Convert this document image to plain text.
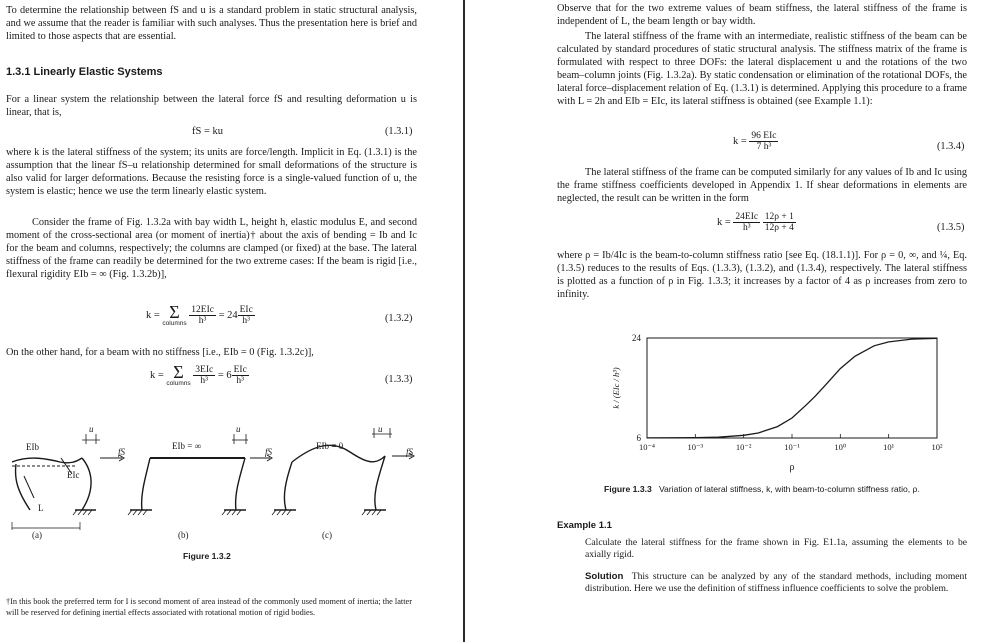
To determine the relationship between fS and u is a standard problem in static structural analysis, and we assume that the reader is familiar with such analyses. Thus the presentation here is brief and limited to those aspects that are essential.

1.3.1 Linearly Elastic Systems

For a linear system the relationship between the lateral force fS and resulting deformation u is linear, that is,

fS = ku	(1.3.1)

where k is the lateral stiffness of the system; its units are force/length. Implicit in Eq. (1.3.1) is the assumption that the linear fS–u relationship determined for small deformations of the structure is also valid for larger deformations. Because the resisting force is a single-valued function of u, the system is elastic; hence we use the term linearly elastic system.

Consider the frame of Fig. 1.3.2a with bay width L, height h, elastic modulus E, and second moment of the cross-sectional area (or moment of inertia)† about the axis of bending = Ib and Ic for the beam and columns, respectively; the columns are clamped (or fixed) at the base. The lateral stiffness of the frame can readily be determined for the two extreme cases: If the beam is rigid [i.e., flexural rigidity EIb = ∞ (Fig. 1.3.2b)],

k = Σ
columns
$\frac{\text{12EIc}}{\text{h³}} = 24 \frac{\text{EIc}}{\text{h³}}$	(1.3.2)

On the other hand, for a beam with no stiffness [i.e., EIb = 0 (Fig. 1.3.2c)],

k = Σ
columns
$\frac{\text{3EIc}}{\text{h³}} = 6 \frac{\text{EIc}}{\text{h³}}$	(1.3.3)
EIb
EIc
L
u
fS
EIb = ∞
u
fS
EIb = 0
u
fS
(a)	(b)	(c)
Figure 1.3.2

†In this book the preferred term for I is second moment of area instead of the commonly used moment of inertia; the latter will be reserved for defining inertial effects associated with rotational motion of rigid bodies.

Observe that for the two extreme values of beam stiffness, the lateral stiffness of the frame is independent of L, the beam length or bay width.

The lateral stiffness of the frame with an intermediate, realistic stiffness of the beam can be calculated by standard procedures of static structural analysis. The stiffness matrix of the frame is formulated with respect to three DOFs: the lateral displacement u and the rotations of the two beam–column joints (Fig. 1.3.2a). By static condensation or elimination of the rotational DOFs, the lateral force–displacement relation of Eq. (1.3.1) is determined. Applying this procedure to a frame with L = 2h and EIb = EIc, its lateral stiffness is obtained (see Example 1.1):

$k = \frac{\text{96 EIc}}{\text{7 h³}}$	(1.3.4)

The lateral stiffness of the frame can be computed similarly for any values of Ib and Ic using the frame stiffness coefficients developed in Appendix 1. If shear deformations in elements are neglected, the result can be written in the form

$k = \frac{\text{24EIc}}{\text{h³}}$
$\frac{12\rho + 1}{12\rho + 4}$	(1.3.5)

where ρ = Ib/4Ic is the beam-to-column stiffness ratio [see Eq. (18.1.1)]. For ρ = 0, ∞, and ¼, Eq. (1.3.5) reduces to the results of Eqs. (1.3.3), (1.3.2), and (1.3.4), respectively. The lateral stiffness is plotted as a function of ρ in Fig. 1.3.3; it increases by a factor of 4 as ρ increases from zero to infinity.

10⁻⁴	10⁻³	10⁻²	10⁻¹	10⁰	10¹	10²
6
24
ρ
k / (EIc / h³)
Figure 1.3.3 Variation of lateral stiffness, k, with beam-to-column stiffness ratio, ρ.
Example 1.1

Calculate the lateral stiffness for the frame shown in Fig. E1.1a, assuming the elements to be axially rigid.

Solution This structure can be analyzed by any of the standard methods, including moment distribution. Here we use the definition of stiffness influence coefficients to solve the problem.
